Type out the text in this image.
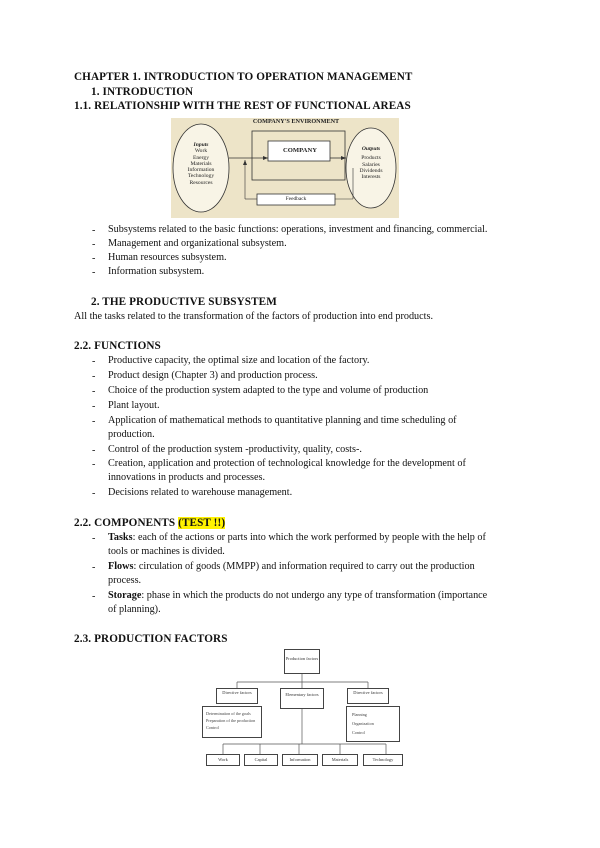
CHAPTER 1. INTRODUCTION TO OPERATION MANAGEMENT
1. INTRODUCTION
1.1. RELATIONSHIP WITH THE REST OF FUNCTIONAL AREAS
COMPANY'S ENVIRONMENT
COMPANY
Feedback
Inputs
Work
Energy
Materials
Information
Technology
Resources
Outputs
Products
Salaries
Dividends
Interests
- Subsystems related to the basic functions: operations, investment and financing, commercial.
- Management and organizational subsystem.
- Human resources subsystem.
- Information subsystem.
2. THE PRODUCTIVE SUBSYSTEM
All the tasks related to the transformation of the factors of production into end products.
2.2. FUNCTIONS
- Productive capacity, the optimal size and location of the factory.
- Product design (Chapter 3) and production process.
- Choice of the production system adapted to the type and volume of production
- Plant layout.
- Application of mathematical methods to quantitative planning and time scheduling of
production.
- Control of the production system -productivity, quality, costs-.
- Creation, application and protection of technological knowledge for the development of
innovations in products and processes.
- Decisions related to warehouse management.
2.2. COMPONENTS (TEST !!)
- Tasks: each of the actions or parts into which the work performed by people with the help of
tools or machines is divided.
- Flows: circulation of goods (MMPP) and information required to carry out the production
process.
- Storage: phase in which the products do not undergo any type of transformation (importance
of planning).
2.3. PRODUCTION FACTORS
Production factors
Directive factors	Elementary factors	Directive factors
Determination of the goals
Preparation of the production
Control
Planning
Organization
Control
Work	Capital	Information	Materials	Technology
